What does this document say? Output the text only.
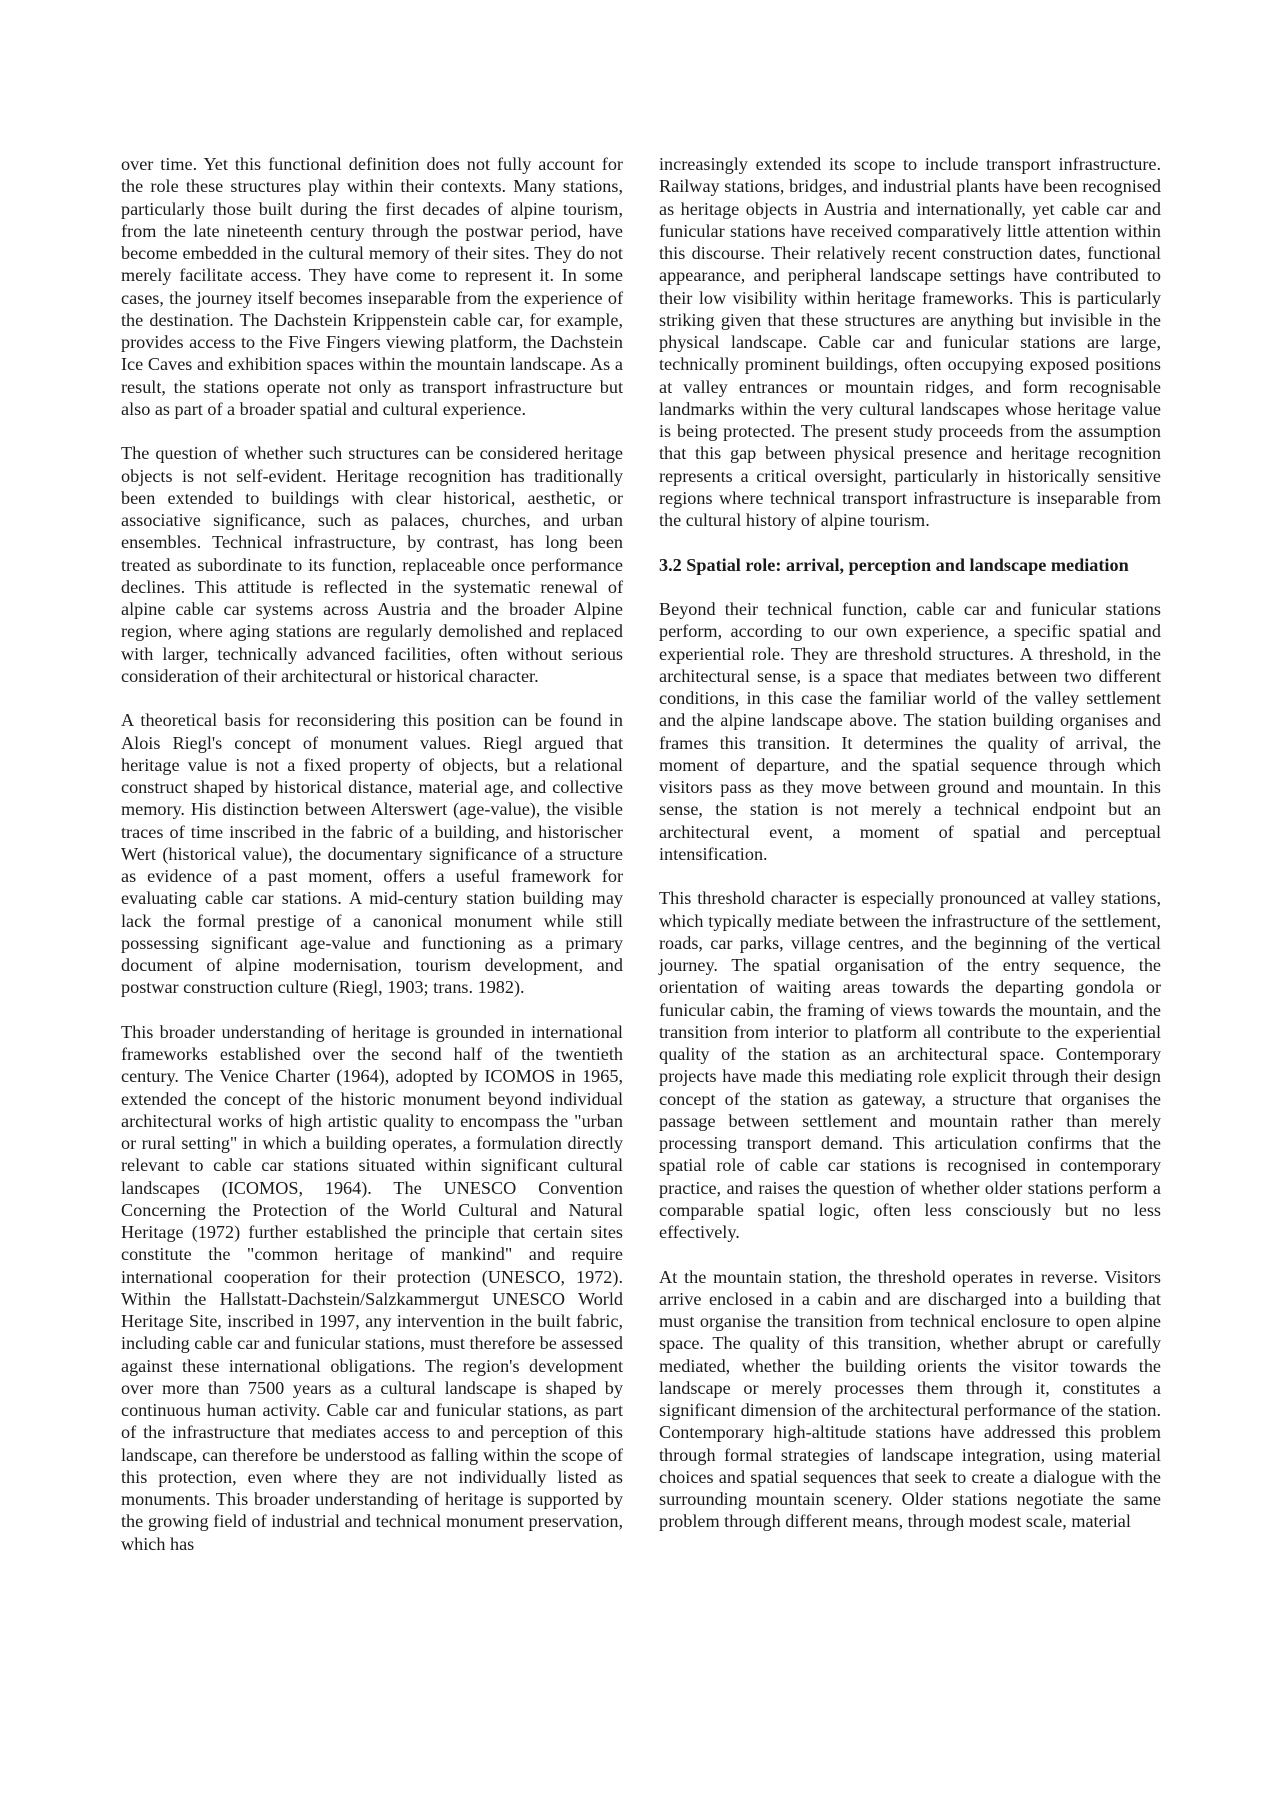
over time. Yet this functional definition does not fully account for the role these structures play within their contexts. Many stations, particularly those built during the first decades of alpine tourism, from the late nineteenth century through the postwar period, have become embedded in the cultural memory of their sites. They do not merely facilitate access. They have come to represent it. In some cases, the journey itself becomes inseparable from the experience of the destination. The Dachstein Krippenstein cable car, for example, provides access to the Five Fingers viewing platform, the Dachstein Ice Caves and exhibition spaces within the mountain landscape. As a result, the stations operate not only as transport infrastructure but also as part of a broader spatial and cultural experience.

The question of whether such structures can be considered heritage objects is not self-evident. Heritage recognition has traditionally been extended to buildings with clear historical, aesthetic, or associative significance, such as palaces, churches, and urban ensembles. Technical infrastructure, by contrast, has long been treated as subordinate to its function, replaceable once performance declines. This attitude is reflected in the systematic renewal of alpine cable car systems across Austria and the broader Alpine region, where aging stations are regularly demolished and replaced with larger, technically advanced facilities, often without serious consideration of their architectural or historical character.

A theoretical basis for reconsidering this position can be found in Alois Riegl's concept of monument values. Riegl argued that heritage value is not a fixed property of objects, but a relational construct shaped by historical distance, material age, and collective memory. His distinction between Alterswert (age-value), the visible traces of time inscribed in the fabric of a building, and historischer Wert (historical value), the documentary significance of a structure as evidence of a past moment, offers a useful framework for evaluating cable car stations. A mid-century station building may lack the formal prestige of a canonical monument while still possessing significant age-value and functioning as a primary document of alpine modernisation, tourism development, and postwar construction culture (Riegl, 1903; trans. 1982).

This broader understanding of heritage is grounded in international frameworks established over the second half of the twentieth century. The Venice Charter (1964), adopted by ICOMOS in 1965, extended the concept of the historic monument beyond individual architectural works of high artistic quality to encompass the "urban or rural setting" in which a building operates, a formulation directly relevant to cable car stations situated within significant cultural landscapes (ICOMOS, 1964). The UNESCO Convention Concerning the Protection of the World Cultural and Natural Heritage (1972) further established the principle that certain sites constitute the "common heritage of mankind" and require international cooperation for their protection (UNESCO, 1972). Within the Hallstatt-Dachstein/Salzkammergut UNESCO World Heritage Site, inscribed in 1997, any intervention in the built fabric, including cable car and funicular stations, must therefore be assessed against these international obligations. The region's development over more than 7500 years as a cultural landscape is shaped by continuous human activity. Cable car and funicular stations, as part of the infrastructure that mediates access to and perception of this landscape, can therefore be understood as falling within the scope of this protection, even where they are not individually listed as monuments. This broader understanding of heritage is supported by the growing field of industrial and technical monument preservation, which has

increasingly extended its scope to include transport infrastructure. Railway stations, bridges, and industrial plants have been recognised as heritage objects in Austria and internationally, yet cable car and funicular stations have received comparatively little attention within this discourse. Their relatively recent construction dates, functional appearance, and peripheral landscape settings have contributed to their low visibility within heritage frameworks. This is particularly striking given that these structures are anything but invisible in the physical landscape. Cable car and funicular stations are large, technically prominent buildings, often occupying exposed positions at valley entrances or mountain ridges, and form recognisable landmarks within the very cultural landscapes whose heritage value is being protected. The present study proceeds from the assumption that this gap between physical presence and heritage recognition represents a critical oversight, particularly in historically sensitive regions where technical transport infrastructure is inseparable from the cultural history of alpine tourism.

3.2 Spatial role: arrival, perception and landscape mediation

Beyond their technical function, cable car and funicular stations perform, according to our own experience, a specific spatial and experiential role. They are threshold structures. A threshold, in the architectural sense, is a space that mediates between two different conditions, in this case the familiar world of the valley settlement and the alpine landscape above. The station building organises and frames this transition. It determines the quality of arrival, the moment of departure, and the spatial sequence through which visitors pass as they move between ground and mountain. In this sense, the station is not merely a technical endpoint but an architectural event, a moment of spatial and perceptual intensification.

This threshold character is especially pronounced at valley stations, which typically mediate between the infrastructure of the settlement, roads, car parks, village centres, and the beginning of the vertical journey. The spatial organisation of the entry sequence, the orientation of waiting areas towards the departing gondola or funicular cabin, the framing of views towards the mountain, and the transition from interior to platform all contribute to the experiential quality of the station as an architectural space. Contemporary projects have made this mediating role explicit through their design concept of the station as gateway, a structure that organises the passage between settlement and mountain rather than merely processing transport demand. This articulation confirms that the spatial role of cable car stations is recognised in contemporary practice, and raises the question of whether older stations perform a comparable spatial logic, often less consciously but no less effectively.

At the mountain station, the threshold operates in reverse. Visitors arrive enclosed in a cabin and are discharged into a building that must organise the transition from technical enclosure to open alpine space. The quality of this transition, whether abrupt or carefully mediated, whether the building orients the visitor towards the landscape or merely processes them through it, constitutes a significant dimension of the architectural performance of the station. Contemporary high-altitude stations have addressed this problem through formal strategies of landscape integration, using material choices and spatial sequences that seek to create a dialogue with the surrounding mountain scenery. Older stations negotiate the same problem through different means, through modest scale, material
